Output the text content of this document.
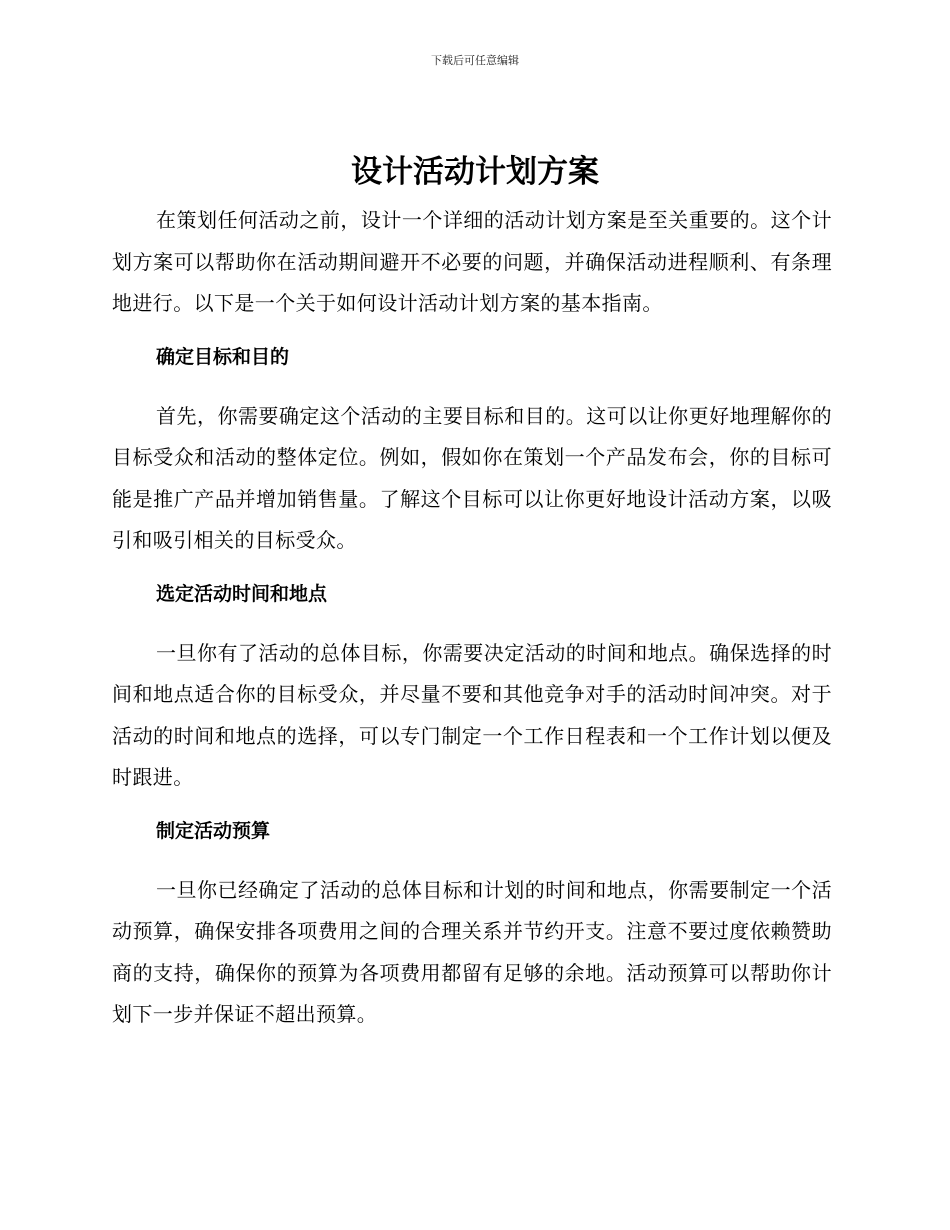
下载后可任意编辑
设计活动计划方案

在策划任何活动之前，设计一个详细的活动计划方案是至关重要的。这个计划方案可以帮助你在活动期间避开不必要的问题，并确保活动进程顺利、有条理地进行。以下是一个关于如何设计活动计划方案的基本指南。

确定目标和目的

首先，你需要确定这个活动的主要目标和目的。这可以让你更好地理解你的目标受众和活动的整体定位。例如，假如你在策划一个产品发布会，你的目标可能是推广产品并增加销售量。了解这个目标可以让你更好地设计活动方案，以吸引和吸引相关的目标受众。

选定活动时间和地点

一旦你有了活动的总体目标，你需要决定活动的时间和地点。确保选择的时间和地点适合你的目标受众，并尽量不要和其他竞争对手的活动时间冲突。对于活动的时间和地点的选择，可以专门制定一个工作日程表和一个工作计划以便及时跟进。

制定活动预算

一旦你已经确定了活动的总体目标和计划的时间和地点，你需要制定一个活动预算，确保安排各项费用之间的合理关系并节约开支。注意不要过度依赖赞助商的支持，确保你的预算为各项费用都留有足够的余地。活动预算可以帮助你计划下一步并保证不超出预算。
